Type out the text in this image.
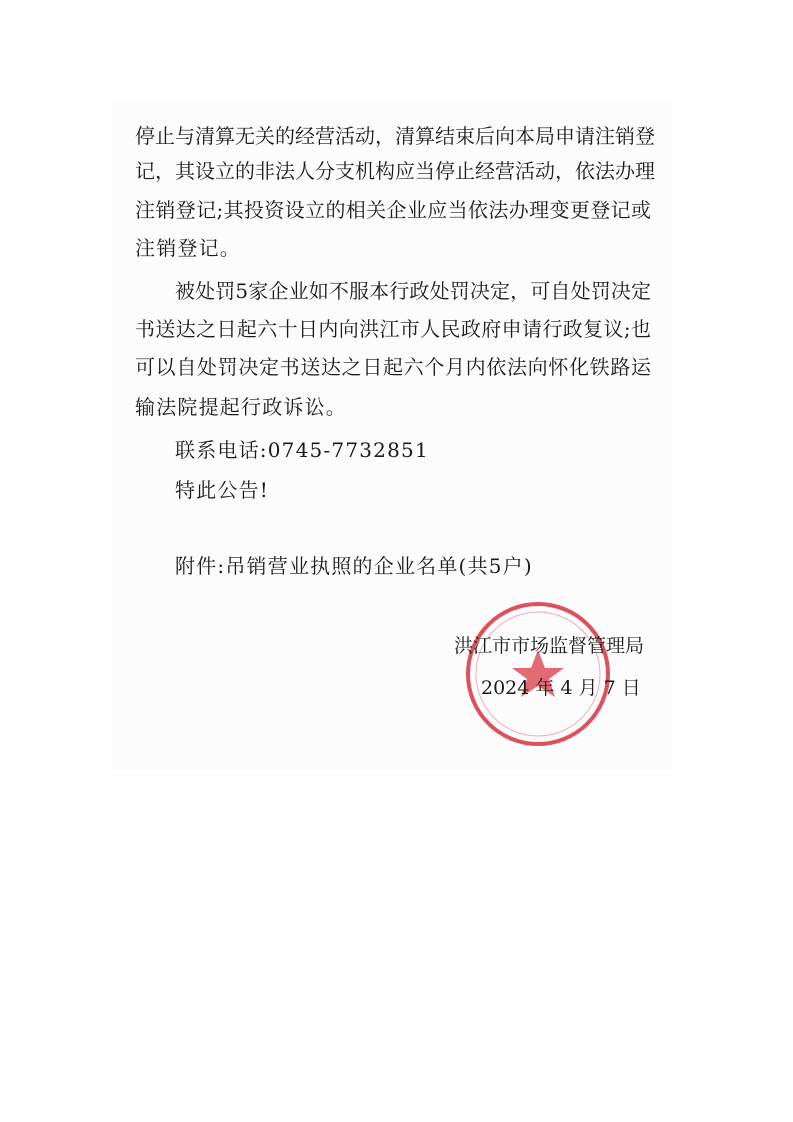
停止与清算无关的经营活动，清算结束后向本局申请注销登
记，其设立的非法人分支机构应当停止经营活动，依法办理
注销登记;其投资设立的相关企业应当依法办理变更登记或
注销登记。
被处罚5家企业如不服本行政处罚决定，可自处罚决定
书送达之日起六十日内向洪江市人民政府申请行政复议;也
可以自处罚决定书送达之日起六个月内依法向怀化铁路运
输法院提起行政诉讼。
联系电话:0745-7732851
特此公告!
附件:吊销营业执照的企业名单(共5户)
洪江市市场监督管理局
2024 年 4 月 7 日
